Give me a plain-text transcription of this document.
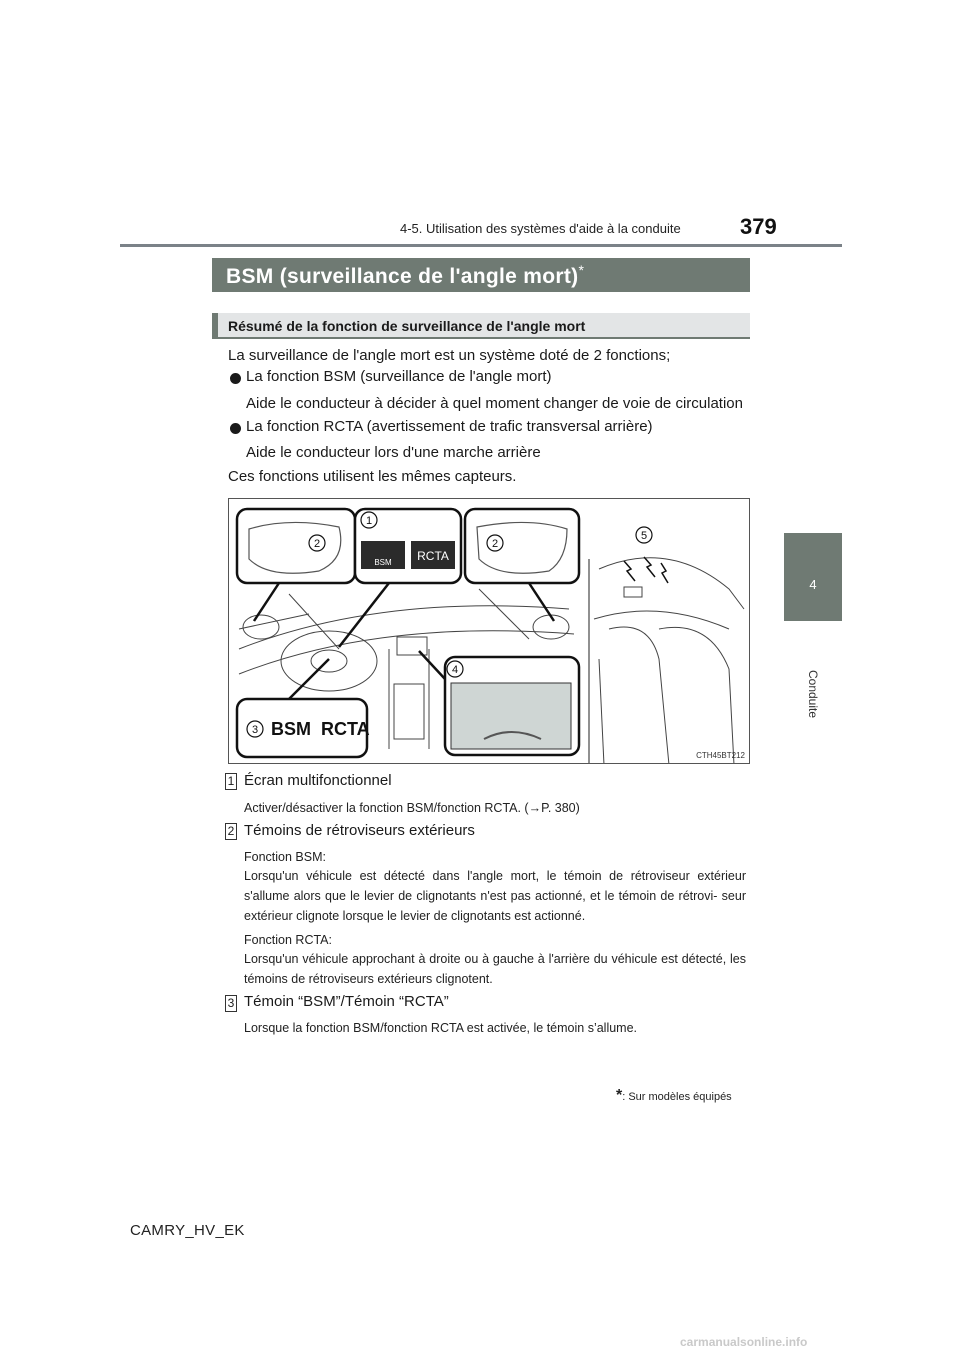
4-5. Utilisation des systèmes d'aide à la conduite	379
4
Conduite
BSM (surveillance de l'angle mort)*
Résumé de la fonction de surveillance de l'angle mort
La surveillance de l'angle mort est un système doté de 2 fonctions;
La fonction BSM (surveillance de l'angle mort)
Aide le conducteur à décider à quel moment changer de voie de circulation
La fonction RCTA (avertissement de trafic transversal arrière)
Aide le conducteur lors d'une marche arrière
Ces fonctions utilisent les mêmes capteurs.
BSM RCTA
BSM RCTA
2
1
2
5
4
3
CTH45BT212
1 Écran multifonctionnel
Activer/désactiver la fonction BSM/fonction RCTA. (→P. 380)
2 Témoins de rétroviseurs extérieurs
Fonction BSM:
Lorsqu'un véhicule est détecté dans l'angle mort, le témoin de rétroviseur extérieur s'allume alors que le levier de clignotants n'est pas actionné, et le témoin de rétrovi- seur extérieur clignote lorsque le levier de clignotants est actionné.
Fonction RCTA:
Lorsqu'un véhicule approchant à droite ou à gauche à l'arrière du véhicule est détecté, les témoins de rétroviseurs extérieurs clignotent.
3 Témoin “BSM”/Témoin “RCTA”
Lorsque la fonction BSM/fonction RCTA est activée, le témoin s’allume.
*: Sur modèles équipés
CAMRY_HV_EK
carmanualsonline.info
